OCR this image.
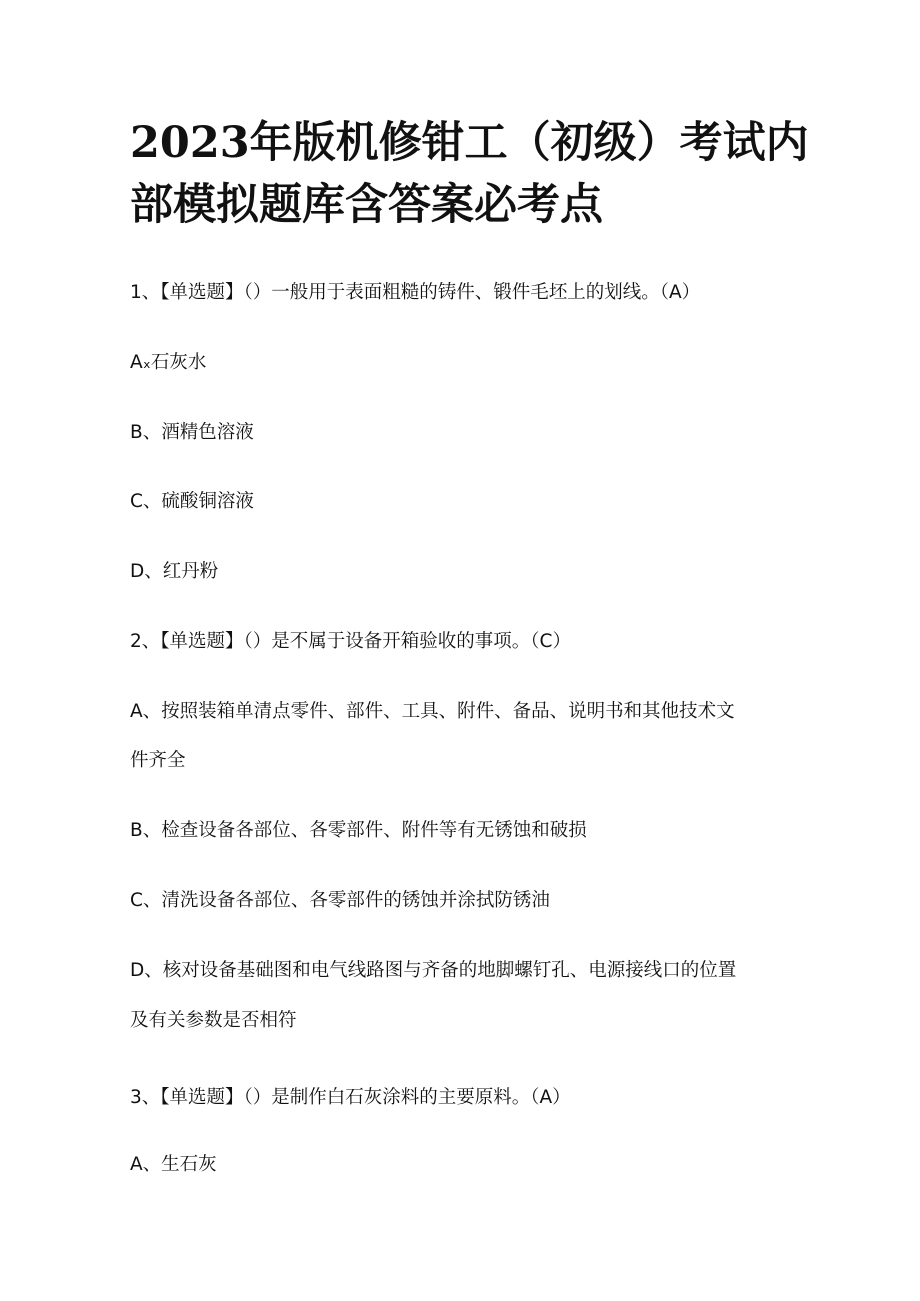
2023年版机修钳工（初级）考试内
部模拟题库含答案必考点

1、【单选题】（）一般用于表面粗糙的铸件、锻件毛坯上的划线。（A）

Aₓ石灰水

B、酒精色溶液

C、硫酸铜溶液

D、红丹粉

2、【单选题】（）是不属于设备开箱验收的事项。（C）

A、按照装箱单清点零件、部件、工具、附件、备品、说明书和其他技术文

件齐全

B、检查设备各部位、各零部件、附件等有无锈蚀和破损

C、清洗设备各部位、各零部件的锈蚀并涂拭防锈油

D、核对设备基础图和电气线路图与齐备的地脚螺钉孔、电源接线口的位置

及有关参数是否相符

3、【单选题】（）是制作白石灰涂料的主要原料。（A）

A、生石灰
